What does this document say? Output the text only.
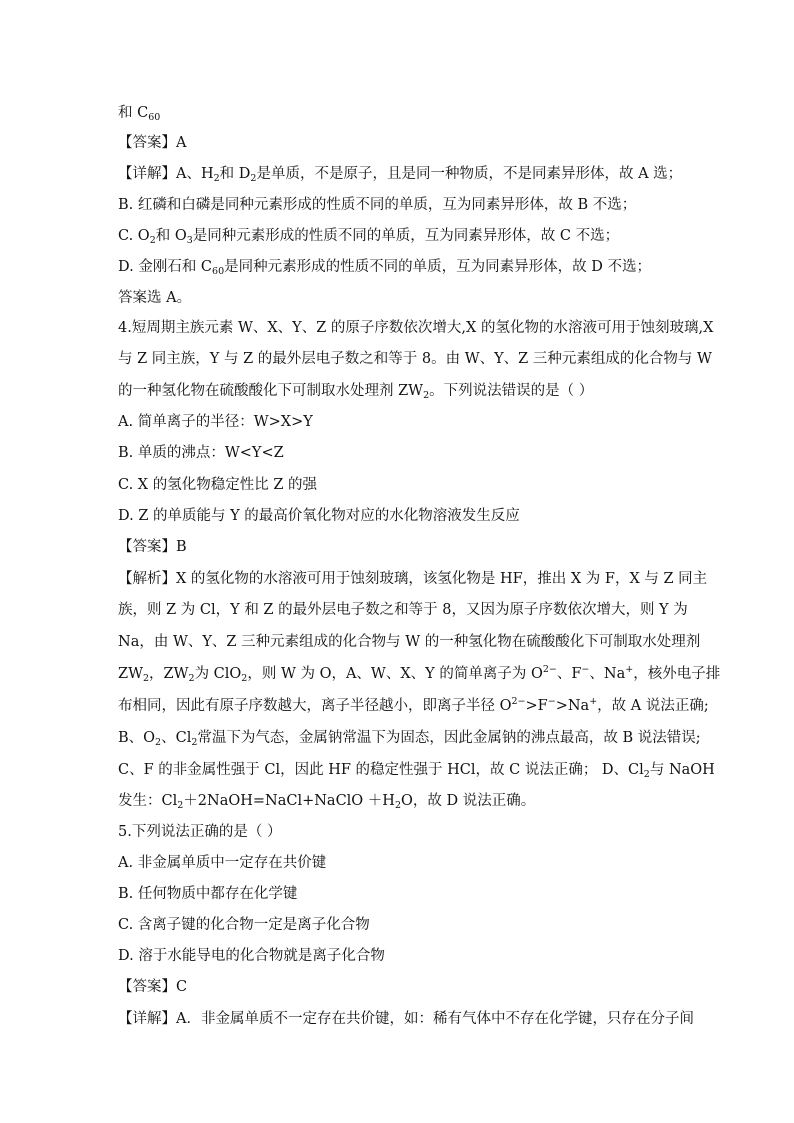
和 $C_{60}$
【答案】A
【详解】A、$H_2$和 $D_2$是单质，不是原子，且是同一种物质，不是同素异形体，故 A 选；
B. 红磷和白磷是同种元素形成的性质不同的单质，互为同素异形体，故 B 不选；
C. $O_2$和 $O_3$是同种元素形成的性质不同的单质，互为同素异形体，故 C 不选；
D. 金刚石和 $C_{60}$是同种元素形成的性质不同的单质，互为同素异形体，故 D 不选；
答案选 A。
4.短周期主族元素 W、X、Y、Z 的原子序数依次增大,X 的氢化物的水溶液可用于蚀刻玻璃,X
与 Z 同主族，Y 与 Z 的最外层电子数之和等于 8。由 W、Y、Z 三种元素组成的化合物与 W
的一种氢化物在硫酸酸化下可制取水处理剂 $ZW_2$。下列说法错误的是（ ）
A. 简单离子的半径：W>X>Y
B. 单质的沸点：W<Y<Z
C. X 的氢化物稳定性比 Z 的强
D. Z 的单质能与 Y 的最高价氧化物对应的水化物溶液发生反应
【答案】B
【解析】X 的氢化物的水溶液可用于蚀刻玻璃，该氢化物是 HF，推出 X 为 F，X 与 Z 同主
族，则 Z 为 Cl，Y 和 Z 的最外层电子数之和等于 8，又因为原子序数依次增大，则 Y 为
Na，由 W、Y、Z 三种元素组成的化合物与 W 的一种氢化物在硫酸酸化下可制取水处理剂
$ZW_2$，$ZW_2$为 ClO$_2$，则 W 为 O，A、W、X、Y 的简单离子为 $O^{2-}$、F−、Na+，核外电子排
布相同，因此有原子序数越大，离子半径越小，即离子半径 $O^{2-}>F^->Na^+$，故 A 说法正确;
B、$O_2$、$Cl_2$常温下为气态，金属钠常温下为固态，因此金属钠的沸点最高，故 B 说法错误;
C、F 的非金属性强于 Cl，因此 HF 的稳定性强于 HCl，故 C 说法正确； D、$Cl_2$与 NaOH
发生：$Cl_2+2NaOH=NaCl+NaClO +H_2O$，故 D 说法正确。
5.下列说法正确的是（ ）
A. 非金属单质中一定存在共价键
B. 任何物质中都存在化学键
C. 含离子键的化合物一定是离子化合物
D. 溶于水能导电的化合物就是离子化合物
【答案】C
【详解】A．非金属单质不一定存在共价键，如：稀有气体中不存在化学键，只存在分子间
